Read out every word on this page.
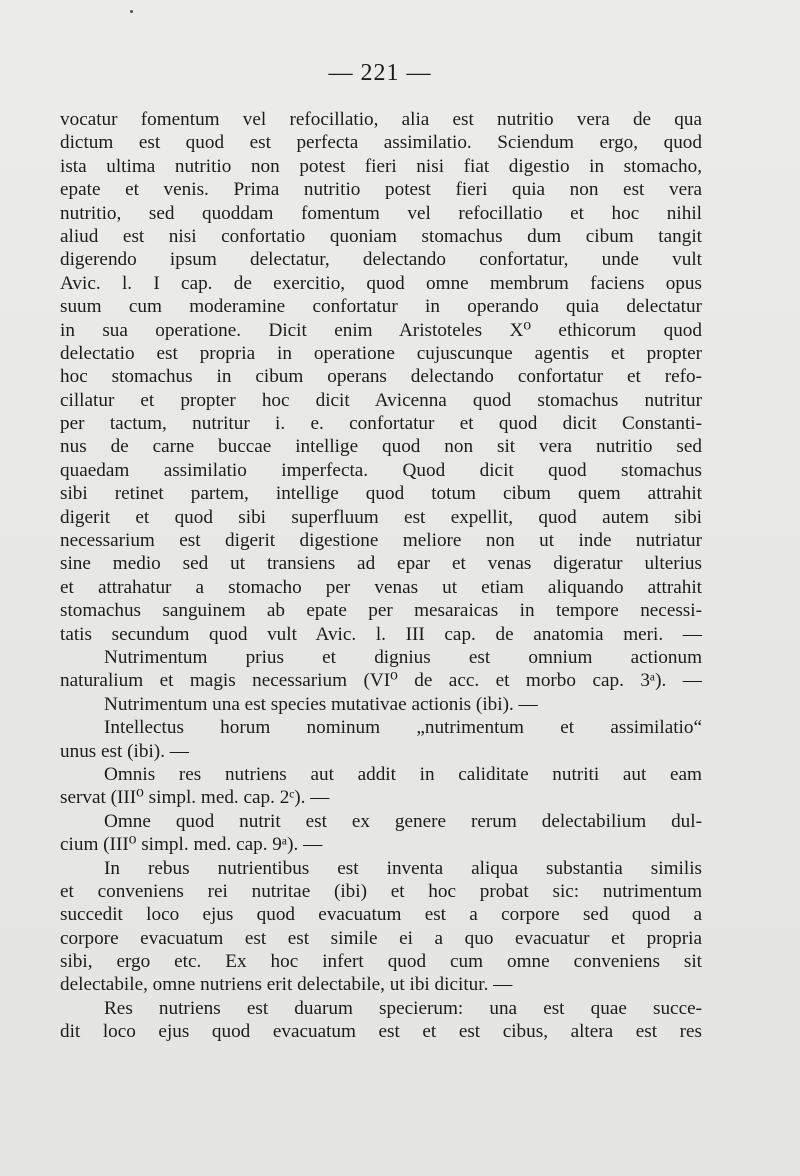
— 221 —
vocatur fomentum vel refocillatio, alia est nutritio vera de qua
dictum est quod est perfecta assimilatio. Sciendum ergo, quod
ista ultima nutritio non potest fieri nisi fiat digestio in stomacho,
epate et venis. Prima nutritio potest fieri quia non est vera
nutritio, sed quoddam fomentum vel refocillatio et hoc nihil
aliud est nisi confortatio quoniam stomachus dum cibum tangit
digerendo ipsum delectatur, delectando confortatur, unde vult
Avic. l. I cap. de exercitio, quod omne membrum faciens opus
suum cum moderamine confortatur in operando quia delectatur
in sua operatione. Dicit enim Aristoteles X⁰ ethicorum quod
delectatio est propria in operatione cujuscunque agentis et propter
hoc stomachus in cibum operans delectando confortatur et refo-
cillatur et propter hoc dicit Avicenna quod stomachus nutritur
per tactum, nutritur i. e. confortatur et quod dicit Constanti-
nus de carne buccae intellige quod non sit vera nutritio sed
quaedam assimilatio imperfecta. Quod dicit quod stomachus
sibi retinet partem, intellige quod totum cibum quem attrahit
digerit et quod sibi superfluum est expellit, quod autem sibi
necessarium est digerit digestione meliore non ut inde nutriatur
sine medio sed ut transiens ad epar et venas digeratur ulterius
et attrahatur a stomacho per venas ut etiam aliquando attrahit
stomachus sanguinem ab epate per mesaraicas in tempore necessi-
tatis secundum quod vult Avic. l. III cap. de anatomia meri. —
Nutrimentum prius et dignius est omnium actionum
naturalium et magis necessarium (VI⁰ de acc. et morbo cap. 3ᵃ). —
Nutrimentum una est species mutativae actionis (ibi). —
Intellectus horum nominum „nutrimentum et assimilatio“
unus est (ibi). —
Omnis res nutriens aut addit in caliditate nutriti aut eam
servat (III⁰ simpl. med. cap. 2ᶜ). —
Omne quod nutrit est ex genere rerum delectabilium dul-
cium (III⁰ simpl. med. cap. 9ᵃ). —
In rebus nutrientibus est inventa aliqua substantia similis
et conveniens rei nutritae (ibi) et hoc probat sic: nutrimentum
succedit loco ejus quod evacuatum est a corpore sed quod a
corpore evacuatum est est simile ei a quo evacuatur et propria
sibi, ergo etc. Ex hoc infert quod cum omne conveniens sit
delectabile, omne nutriens erit delectabile, ut ibi dicitur. —
Res nutriens est duarum specierum: una est quae succe-
dit loco ejus quod evacuatum est et est cibus, altera est res
